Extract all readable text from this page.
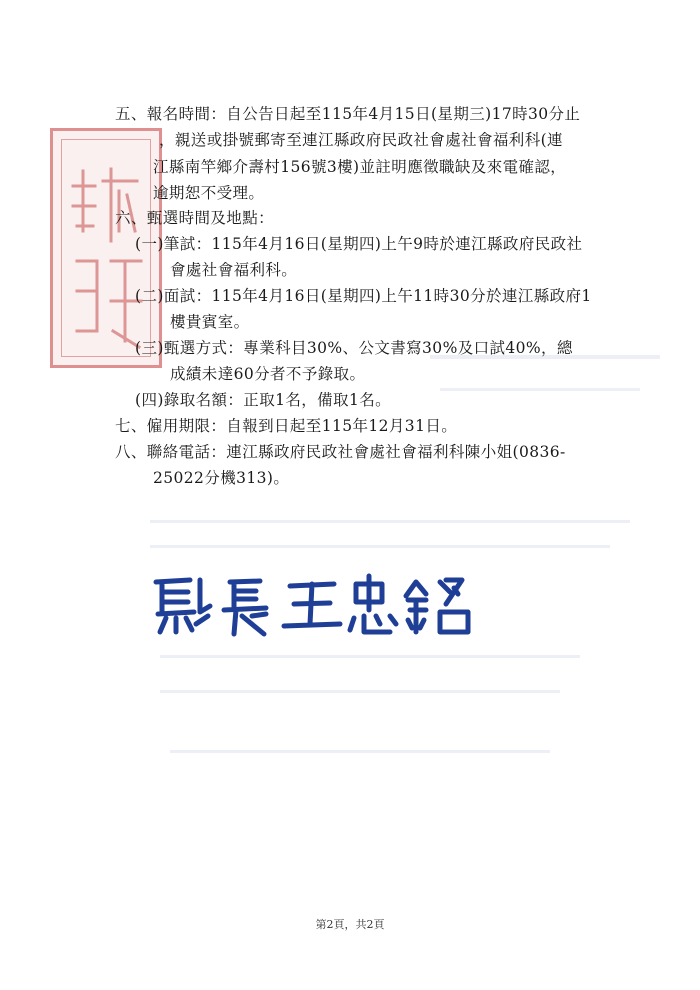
五、報名時間：自公告日起至115年4月15日(星期三)17時30分止
，親送或掛號郵寄至連江縣政府民政社會處社會福利科(連
江縣南竿鄉介壽村156號3樓)並註明應徵職缺及來電確認，
逾期恕不受理。
六、甄選時間及地點：
(一)筆試：115年4月16日(星期四)上午9時於連江縣政府民政社
會處社會福利科。
(二)面試：115年4月16日(星期四)上午11時30分於連江縣政府1
樓貴賓室。
(三)甄選方式：專業科目30%、公文書寫30%及口試40%，總
成績未達60分者不予錄取。
(四)錄取名額：正取1名，備取1名。
七、僱用期限：自報到日起至115年12月31日。
八、聯絡電話：連江縣政府民政社會處社會福利科陳小姐(0836-
25022分機313)。
第2頁，共2頁
